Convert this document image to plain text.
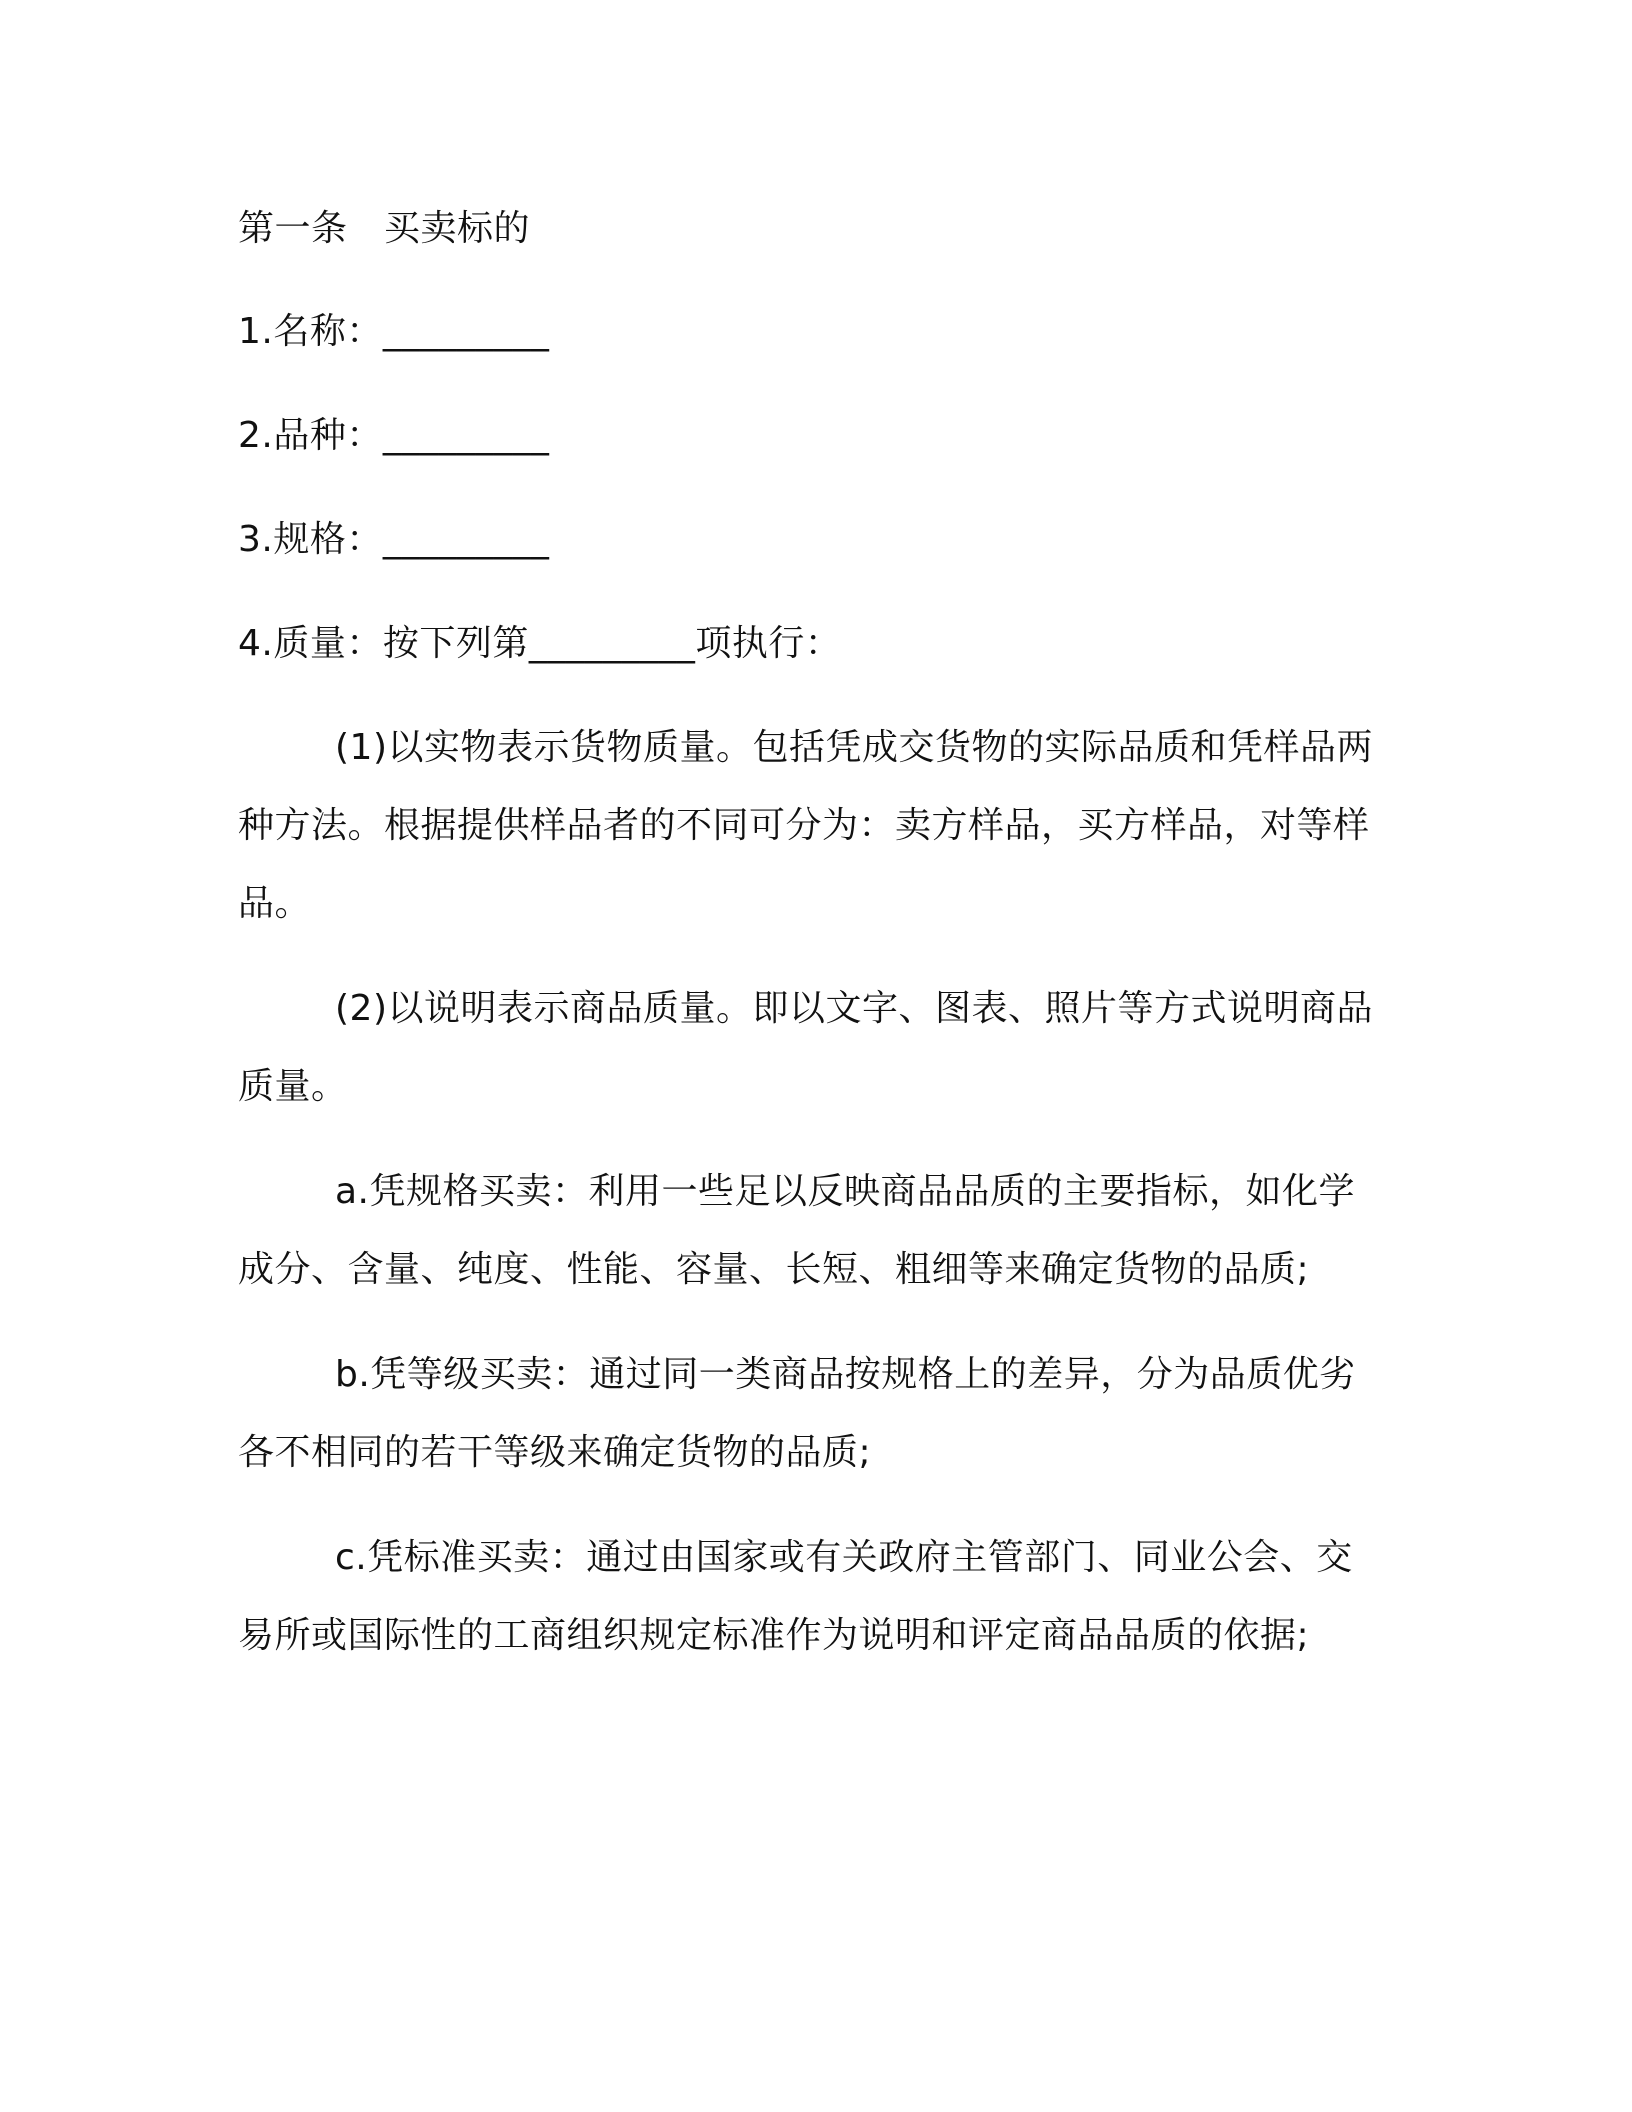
第一条　买卖标的

1.名称：_________

2.品种：_________

3.规格：_________

4.质量：按下列第_________项执行：

(1)以实物表示货物质量。包括凭成交货物的实际品质和凭样品两种方法。根据提供样品者的不同可分为：卖方样品，买方样品，对等样品。

(2)以说明表示商品质量。即以文字、图表、照片等方式说明商品质量。

a.凭规格买卖：利用一些足以反映商品品质的主要指标，如化学成分、含量、纯度、性能、容量、长短、粗细等来确定货物的品质;

b.凭等级买卖：通过同一类商品按规格上的差异，分为品质优劣各不相同的若干等级来确定货物的品质;

c.凭标准买卖：通过由国家或有关政府主管部门、同业公会、交易所或国际性的工商组织规定标准作为说明和评定商品品质的依据;
